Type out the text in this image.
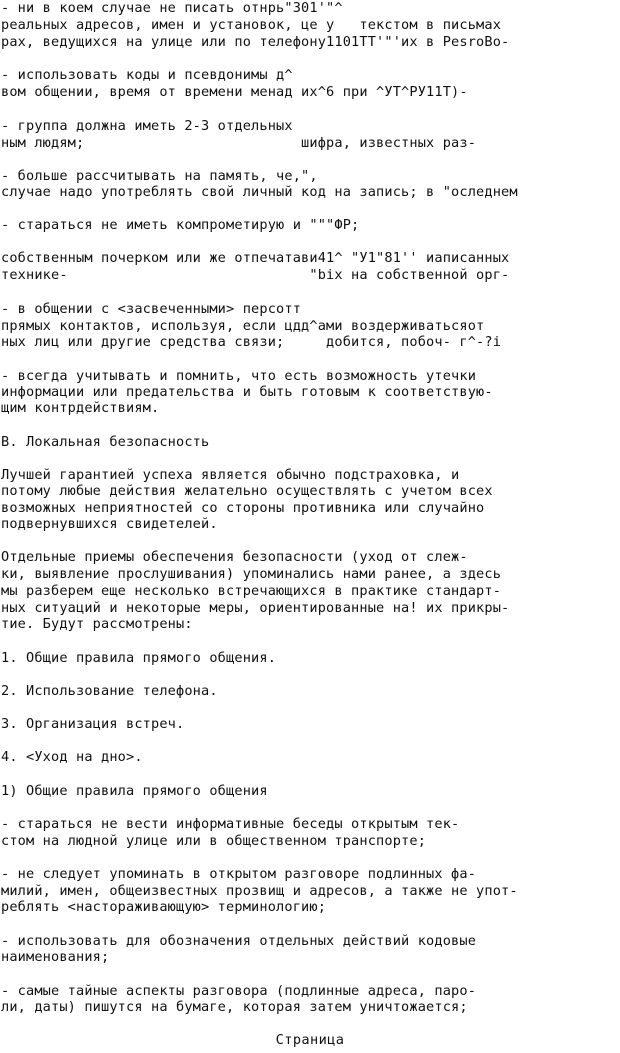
- ни в коем случае не писать отнрь"301'"^
реальных адресов, имен и установок, це у   текстом в письмах
рах, ведущихся на улице или по телефону1101ТТ'"'их в PesroBo-
- использовать коды и псевдонимы д^
вом общении, время от времени менад их^6 при ^УТ^РУ11Т)-
- группа должна иметь 2-3 отдельных
ным людям;                          шифра, известных раз-
- больше рассчитывать на память, че,",
случае надо употреблять свой личный код на запись; в "оследнем
- стараться не иметь компрометирую и """ФР;
собственным почерком или же отпечатави41^ "У1"81'' иаписанных
технике-                             "bix на собственной орг-
- в общении с <засвеченными> персотт
прямых контактов, используя, если цдд^ами воздерживатьсяот
ных лиц или другие средства связи;     добится, побоч- г^-?i
- всегда учитывать и помнить, что есть возможность утечки
информации или предательства и быть готовым к соответствую-
щим контрдействиям.
В. Локальная безопасность
Лучшей гарантией успеха является обычно подстраховка, и
потому любые действия желательно осуществлять с учетом всех
возможных неприятностей со стороны противника или случайно
подвернувшихся свидетелей.
Отдельные приемы обеспечения безопасности (уход от слеж-
ки, выявление прослушивания) упоминались нами ранее, а здесь
мы разберем еще несколько встречающихся в практике стандарт-
ных ситуаций и некоторые меры, ориентированные на! их прикры-
тие. Будут рассмотрены:
1. Общие правила прямого общения.
2. Использование телефона.
3. Организация встреч.
4. <Уход на дно>.
1) Общие правила прямого общения
- стараться не вести информативные беседы открытым тек-
стом на людной улице или в общественном транспорте;
- не следует упоминать в открытом разговоре подлинных фа-
милий, имен, общеизвестных прозвищ и адресов, а также не упот-
реблять <настораживающую> терминологию;
- использовать для обозначения отдельных действий кодовые
наименования;
- самые тайные аспекты разговора (подлинные адреса, паро-
ли, даты) пишутся на бумаге, которая затем уничтожается;
Страница
